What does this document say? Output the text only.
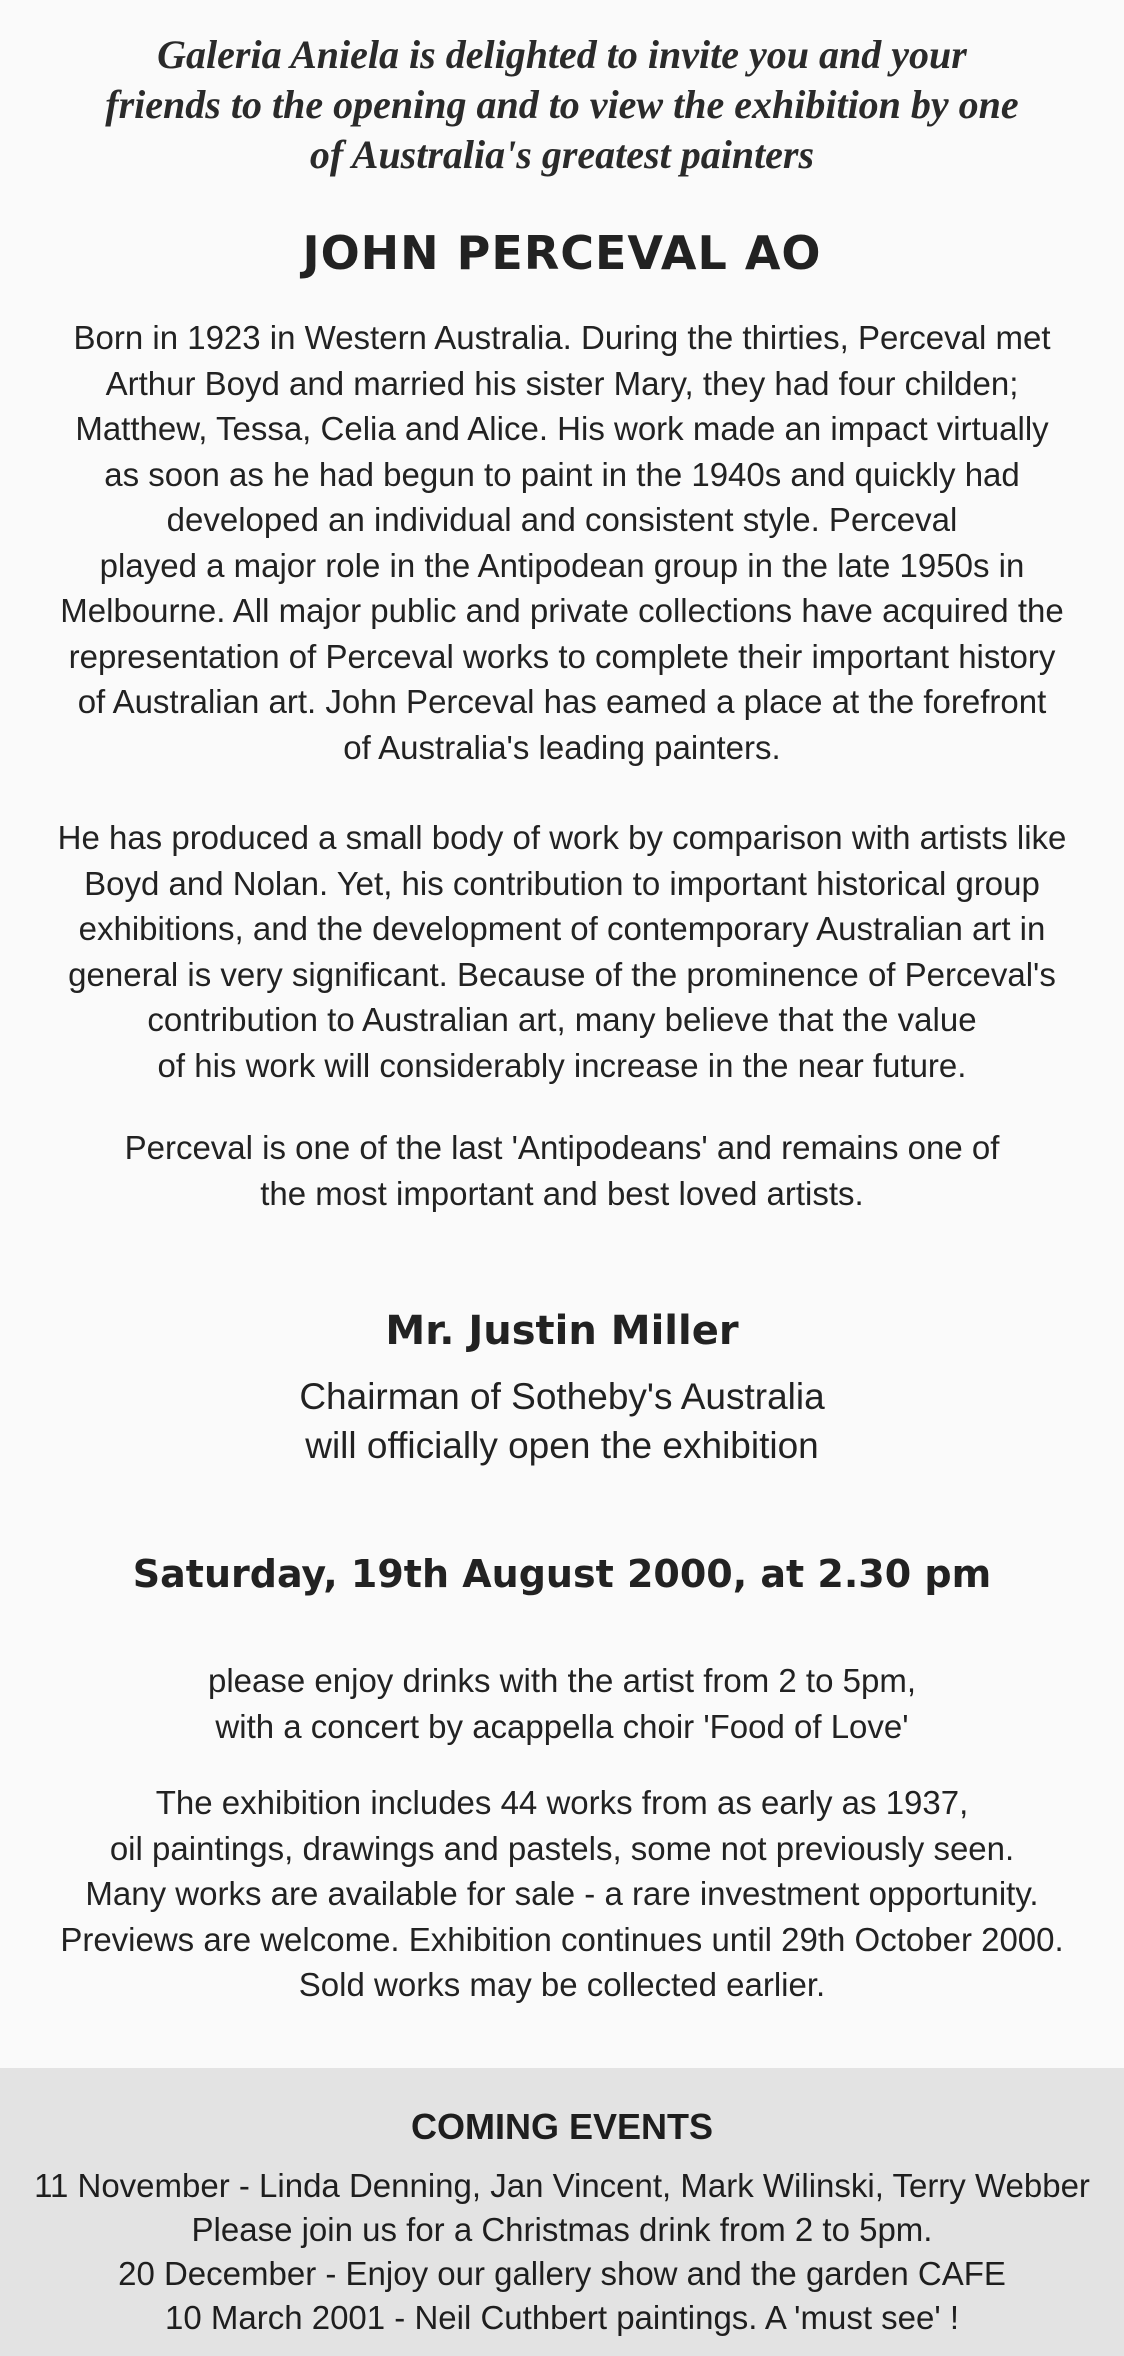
Galeria Aniela is delighted to invite you and your
friends to the opening and to view the exhibition by one
of Australia's greatest painters
JOHN PERCEVAL AO
Born in 1923 in Western Australia. During the thirties, Perceval met
Arthur Boyd and married his sister Mary, they had four childen;
Matthew, Tessa, Celia and Alice. His work made an impact virtually
as soon as he had begun to paint in the 1940s and quickly had
developed an individual and consistent style. Perceval
played a major role in the Antipodean group in the late 1950s in
Melbourne. All major public and private collections have acquired the
representation of Perceval works to complete their important history
of Australian art. John Perceval has eamed a place at the forefront
of Australia's leading painters.
He has produced a small body of work by comparison with artists like
Boyd and Nolan. Yet, his contribution to important historical group
exhibitions, and the development of contemporary Australian art in
general is very significant. Because of the prominence of Perceval's
contribution to Australian art, many believe that the value
of his work will considerably increase in the near future.
Perceval is one of the last 'Antipodeans' and remains one of
the most important and best loved artists.
Mr. Justin Miller
Chairman of Sotheby's Australia
will officially open the exhibition
Saturday, 19th August 2000, at 2.30 pm
please enjoy drinks with the artist from 2 to 5pm,
with a concert by acappella choir 'Food of Love'
The exhibition includes 44 works from as early as 1937,
oil paintings, drawings and pastels, some not previously seen.
Many works are available for sale - a rare investment opportunity.
Previews are welcome. Exhibition continues until 29th October 2000.
Sold works may be collected earlier.
COMING EVENTS
11 November - Linda Denning, Jan Vincent, Mark Wilinski, Terry Webber
Please join us for a Christmas drink from 2 to 5pm.
20 December - Enjoy our gallery show and the garden CAFE
10 March 2001 - Neil Cuthbert paintings. A 'must see' !
